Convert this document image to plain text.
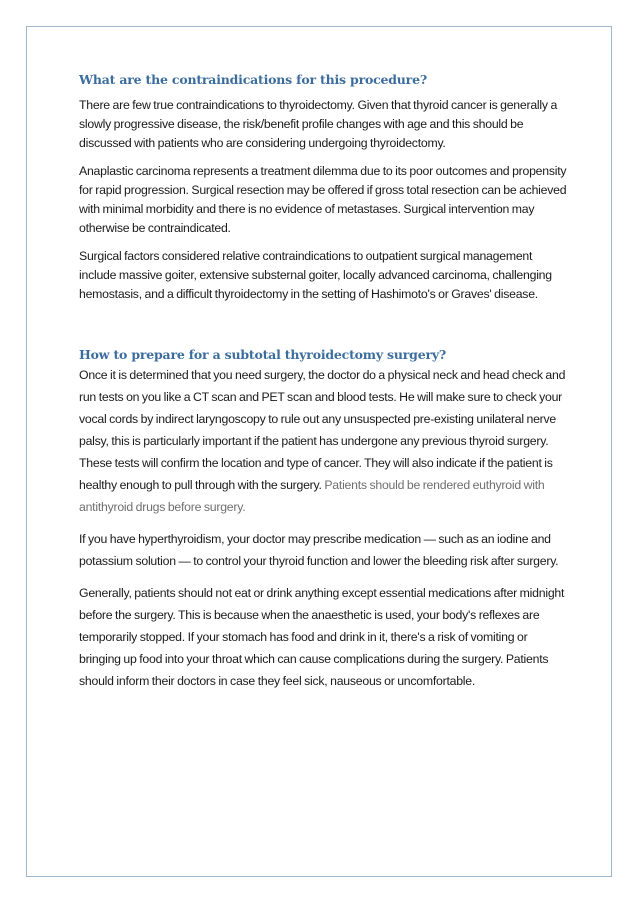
What are the contraindications for this procedure?

There are few true contraindications to thyroidectomy. Given that thyroid cancer is generally a slowly progressive disease, the risk/benefit profile changes with age and this should be discussed with patients who are considering undergoing thyroidectomy.

Anaplastic carcinoma represents a treatment dilemma due to its poor outcomes and propensity for rapid progression. Surgical resection may be offered if gross total resection can be achieved with minimal morbidity and there is no evidence of metastases. Surgical intervention may otherwise be contraindicated.

Surgical factors considered relative contraindications to outpatient surgical management include massive goiter, extensive substernal goiter, locally advanced carcinoma, challenging hemostasis, and a difficult thyroidectomy in the setting of Hashimoto's or Graves' disease.

How to prepare for a subtotal thyroidectomy surgery?

Once it is determined that you need surgery, the doctor do a physical neck and head check and run tests on you like a CT scan and PET scan and blood tests. He will make sure to check your vocal cords by indirect laryngoscopy to rule out any unsuspected pre-existing unilateral nerve palsy, this is particularly important if the patient has undergone any previous thyroid surgery. These tests will confirm the location and type of cancer. They will also indicate if the patient is healthy enough to pull through with the surgery. Patients should be rendered euthyroid with antithyroid drugs before surgery.

If you have hyperthyroidism, your doctor may prescribe medication — such as an iodine and potassium solution — to control your thyroid function and lower the bleeding risk after surgery.

Generally, patients should not eat or drink anything except essential medications after midnight before the surgery. This is because when the anaesthetic is used, your body's reflexes are temporarily stopped. If your stomach has food and drink in it, there's a risk of vomiting or bringing up food into your throat which can cause complications during the surgery. Patients should inform their doctors in case they feel sick, nauseous or uncomfortable.
